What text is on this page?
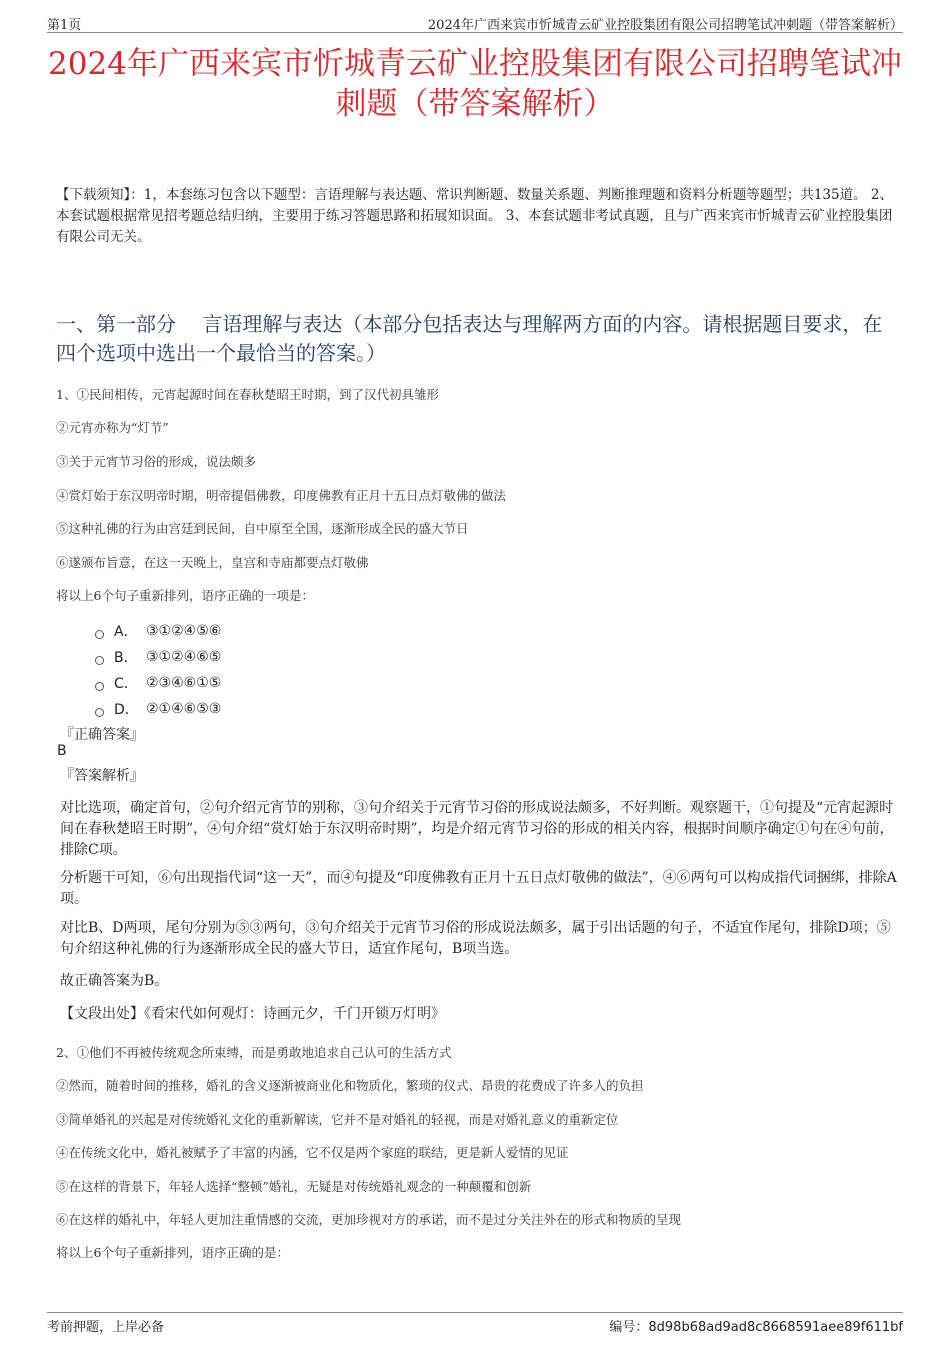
第1页	2024年广西来宾市忻城青云矿业控股集团有限公司招聘笔试冲刺题（带答案解析）
2024年广西来宾市忻城青云矿业控股集团有限公司招聘笔试冲刺题（带答案解析）
【下载须知】：1，本套练习包含以下题型：言语理解与表达题、常识判断题、数量关系题、判断推理题和资料分析题等题型；共135道。 2、本套试题根据常见招考题总结归纳，主要用于练习答题思路和拓展知识面。 3、本套试题非考试真题，且与广西来宾市忻城青云矿业控股集团有限公司无关。
一、第一部分　 言语理解与表达（本部分包括表达与理解两方面的内容。请根据题目要求，在四个选项中选出一个最恰当的答案。）
1、①民间相传，元宵起源时间在春秋楚昭王时期，到了汉代初具雏形
②元宵亦称为“灯节”
③关于元宵节习俗的形成，说法颇多
④赏灯始于东汉明帝时期，明帝提倡佛教，印度佛教有正月十五日点灯敬佛的做法
⑤这种礼佛的行为由宫廷到民间，自中原至全国，逐渐形成全民的盛大节日
⑥遂颁布旨意，在这一天晚上，皇宫和寺庙都要点灯敬佛
将以上6个句子重新排列，语序正确的一项是：
A． ③①②④⑤⑥
B． ③①②④⑥⑤
C． ②③④⑥①⑤
D． ②①④⑥⑤③
『正确答案』
B
『答案解析』
对比选项，确定首句，②句介绍元宵节的别称，③句介绍关于元宵节习俗的形成说法颇多，不好判断。观察题干，①句提及“元宵起源时间在春秋楚昭王时期”，④句介绍“赏灯始于东汉明帝时期”，均是介绍元宵节习俗的形成的相关内容，根据时间顺序确定①句在④句前，排除C项。
分析题干可知，⑥句出现指代词“这一天”，而④句提及“印度佛教有正月十五日点灯敬佛的做法”，④⑥两句可以构成指代词捆绑，排除A项。
对比B、D两项，尾句分别为⑤③两句，③句介绍关于元宵节习俗的形成说法颇多，属于引出话题的句子，不适宜作尾句，排除D项；⑤句介绍这种礼佛的行为逐渐形成全民的盛大节日，适宜作尾句，B项当选。
故正确答案为B。
【文段出处】《看宋代如何观灯：诗画元夕，千门开锁万灯明》
2、①他们不再被传统观念所束缚，而是勇敢地追求自己认可的生活方式
②然而，随着时间的推移，婚礼的含义逐渐被商业化和物质化，繁琐的仪式、昂贵的花费成了许多人的负担
③简单婚礼的兴起是对传统婚礼文化的重新解读，它并不是对婚礼的轻视，而是对婚礼意义的重新定位
④在传统文化中，婚礼被赋予了丰富的内涵，它不仅是两个家庭的联结，更是新人爱情的见证
⑤在这样的背景下，年轻人选择“整顿”婚礼，无疑是对传统婚礼观念的一种颠覆和创新
⑥在这样的婚礼中，年轻人更加注重情感的交流，更加珍视对方的承诺，而不是过分关注外在的形式和物质的呈现
将以上6个句子重新排列，语序正确的是：
考前押题，上岸必备	编号：8d98b68ad9ad8c8668591aee89f611bf
